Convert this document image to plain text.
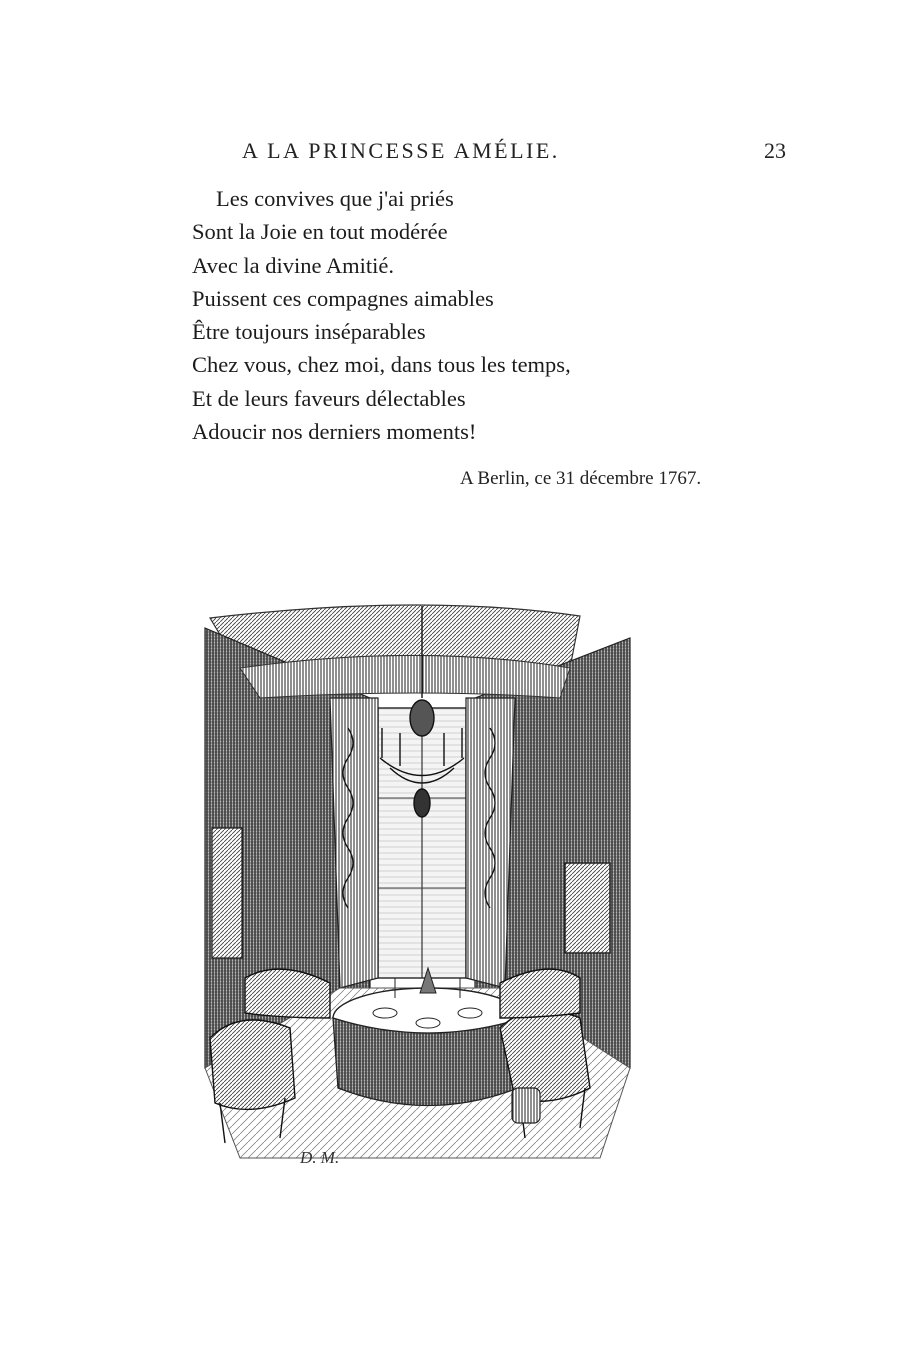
A LA PRINCESSE AMÉLIE.	23
Les convives que j'ai priés
Sont la Joie en tout modérée
Avec la divine Amitié.
Puissent ces compagnes aimables
Être toujours inséparables
Chez vous, chez moi, dans tous les temps,
Et de leurs faveurs délectables
Adoucir nos derniers moments!
A Berlin, ce 31 décembre 1767.
D. M.
